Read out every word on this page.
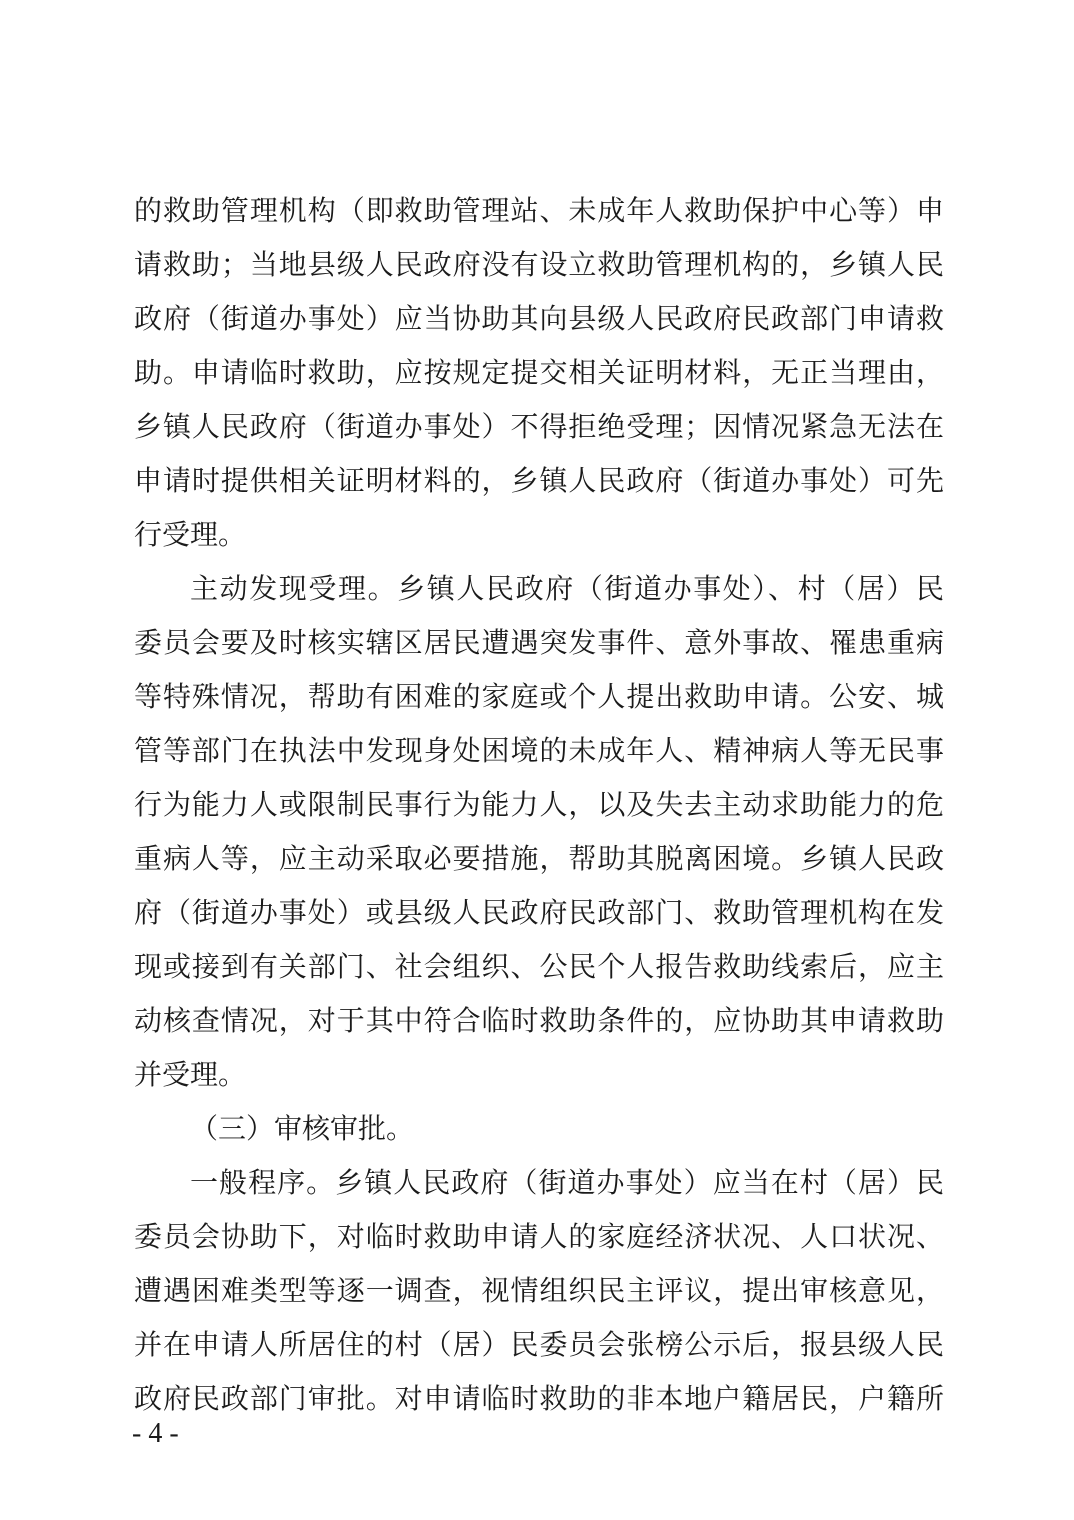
的救助管理机构（即救助管理站、未成年人救助保护中心等）申
请救助；当地县级人民政府没有设立救助管理机构的，乡镇人民
政府（街道办事处）应当协助其向县级人民政府民政部门申请救
助。申请临时救助，应按规定提交相关证明材料，无正当理由，
乡镇人民政府（街道办事处）不得拒绝受理；因情况紧急无法在
申请时提供相关证明材料的，乡镇人民政府（街道办事处）可先
行受理。
主动发现受理。乡镇人民政府（街道办事处）、村（居）民
委员会要及时核实辖区居民遭遇突发事件、意外事故、罹患重病
等特殊情况，帮助有困难的家庭或个人提出救助申请。公安、城
管等部门在执法中发现身处困境的未成年人、精神病人等无民事
行为能力人或限制民事行为能力人，以及失去主动求助能力的危
重病人等，应主动采取必要措施，帮助其脱离困境。乡镇人民政
府（街道办事处）或县级人民政府民政部门、救助管理机构在发
现或接到有关部门、社会组织、公民个人报告救助线索后，应主
动核查情况，对于其中符合临时救助条件的，应协助其申请救助
并受理。
（三）审核审批。
一般程序。乡镇人民政府（街道办事处）应当在村（居）民
委员会协助下，对临时救助申请人的家庭经济状况、人口状况、
遭遇困难类型等逐一调查，视情组织民主评议，提出审核意见，
并在申请人所居住的村（居）民委员会张榜公示后，报县级人民
政府民政部门审批。对申请临时救助的非本地户籍居民，户籍所
- 4 -
